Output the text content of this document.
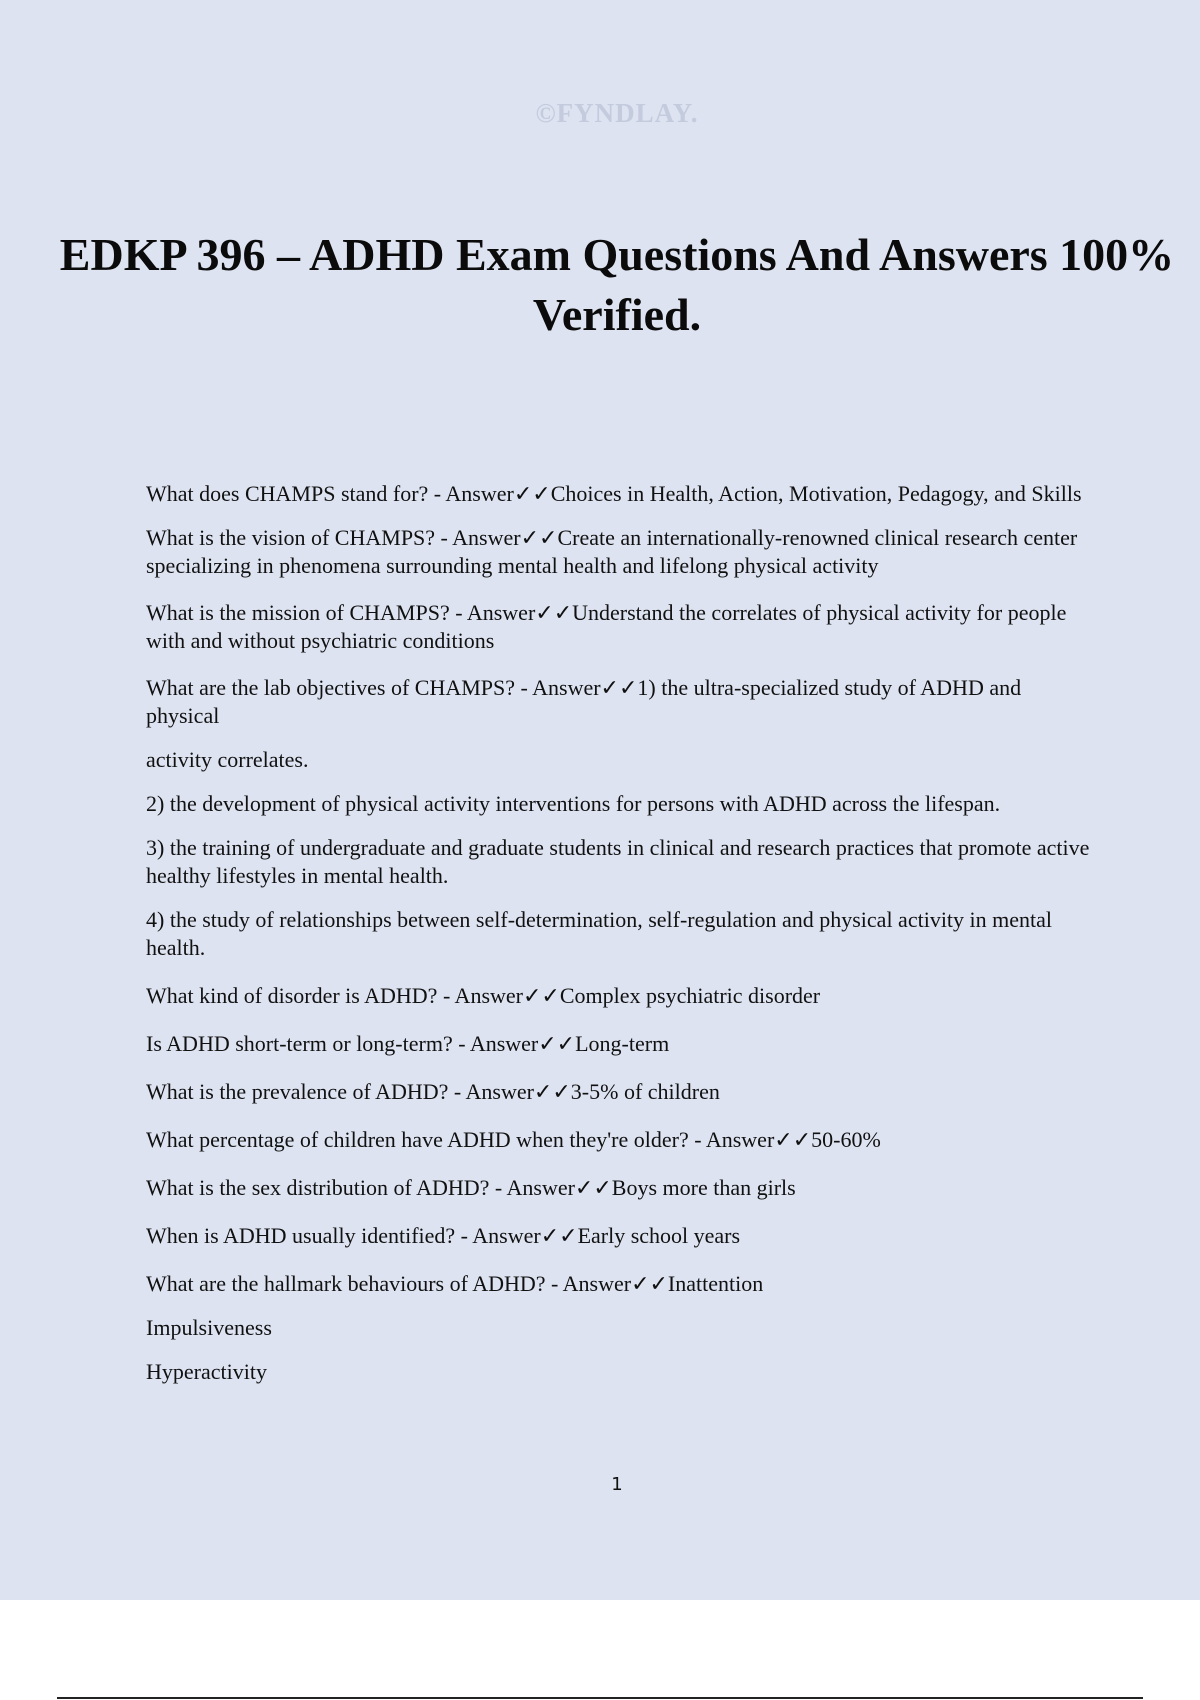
©FYNDLAY.
EDKP 396 – ADHD Exam Questions And Answers 100% Verified.

What does CHAMPS stand for? - Answer✓✓Choices in Health, Action, Motivation, Pedagogy, and Skills

What is the vision of CHAMPS? - Answer✓✓Create an internationally-renowned clinical research center specializing in phenomena surrounding mental health and lifelong physical activity

What is the mission of CHAMPS? - Answer✓✓Understand the correlates of physical activity for people with and without psychiatric conditions

What are the lab objectives of CHAMPS? - Answer✓✓1) the ultra-specialized study of ADHD and physical

activity correlates.

2) the development of physical activity interventions for persons with ADHD across the lifespan.

3) the training of undergraduate and graduate students in clinical and research practices that promote active healthy lifestyles in mental health.

4) the study of relationships between self-determination, self-regulation and physical activity in mental health.

What kind of disorder is ADHD? - Answer✓✓Complex psychiatric disorder

Is ADHD short-term or long-term? - Answer✓✓Long-term

What is the prevalence of ADHD? - Answer✓✓3-5% of children

What percentage of children have ADHD when they're older? - Answer✓✓50-60%

What is the sex distribution of ADHD? - Answer✓✓Boys more than girls

When is ADHD usually identified? - Answer✓✓Early school years

What are the hallmark behaviours of ADHD? - Answer✓✓Inattention

Impulsiveness

Hyperactivity

1
